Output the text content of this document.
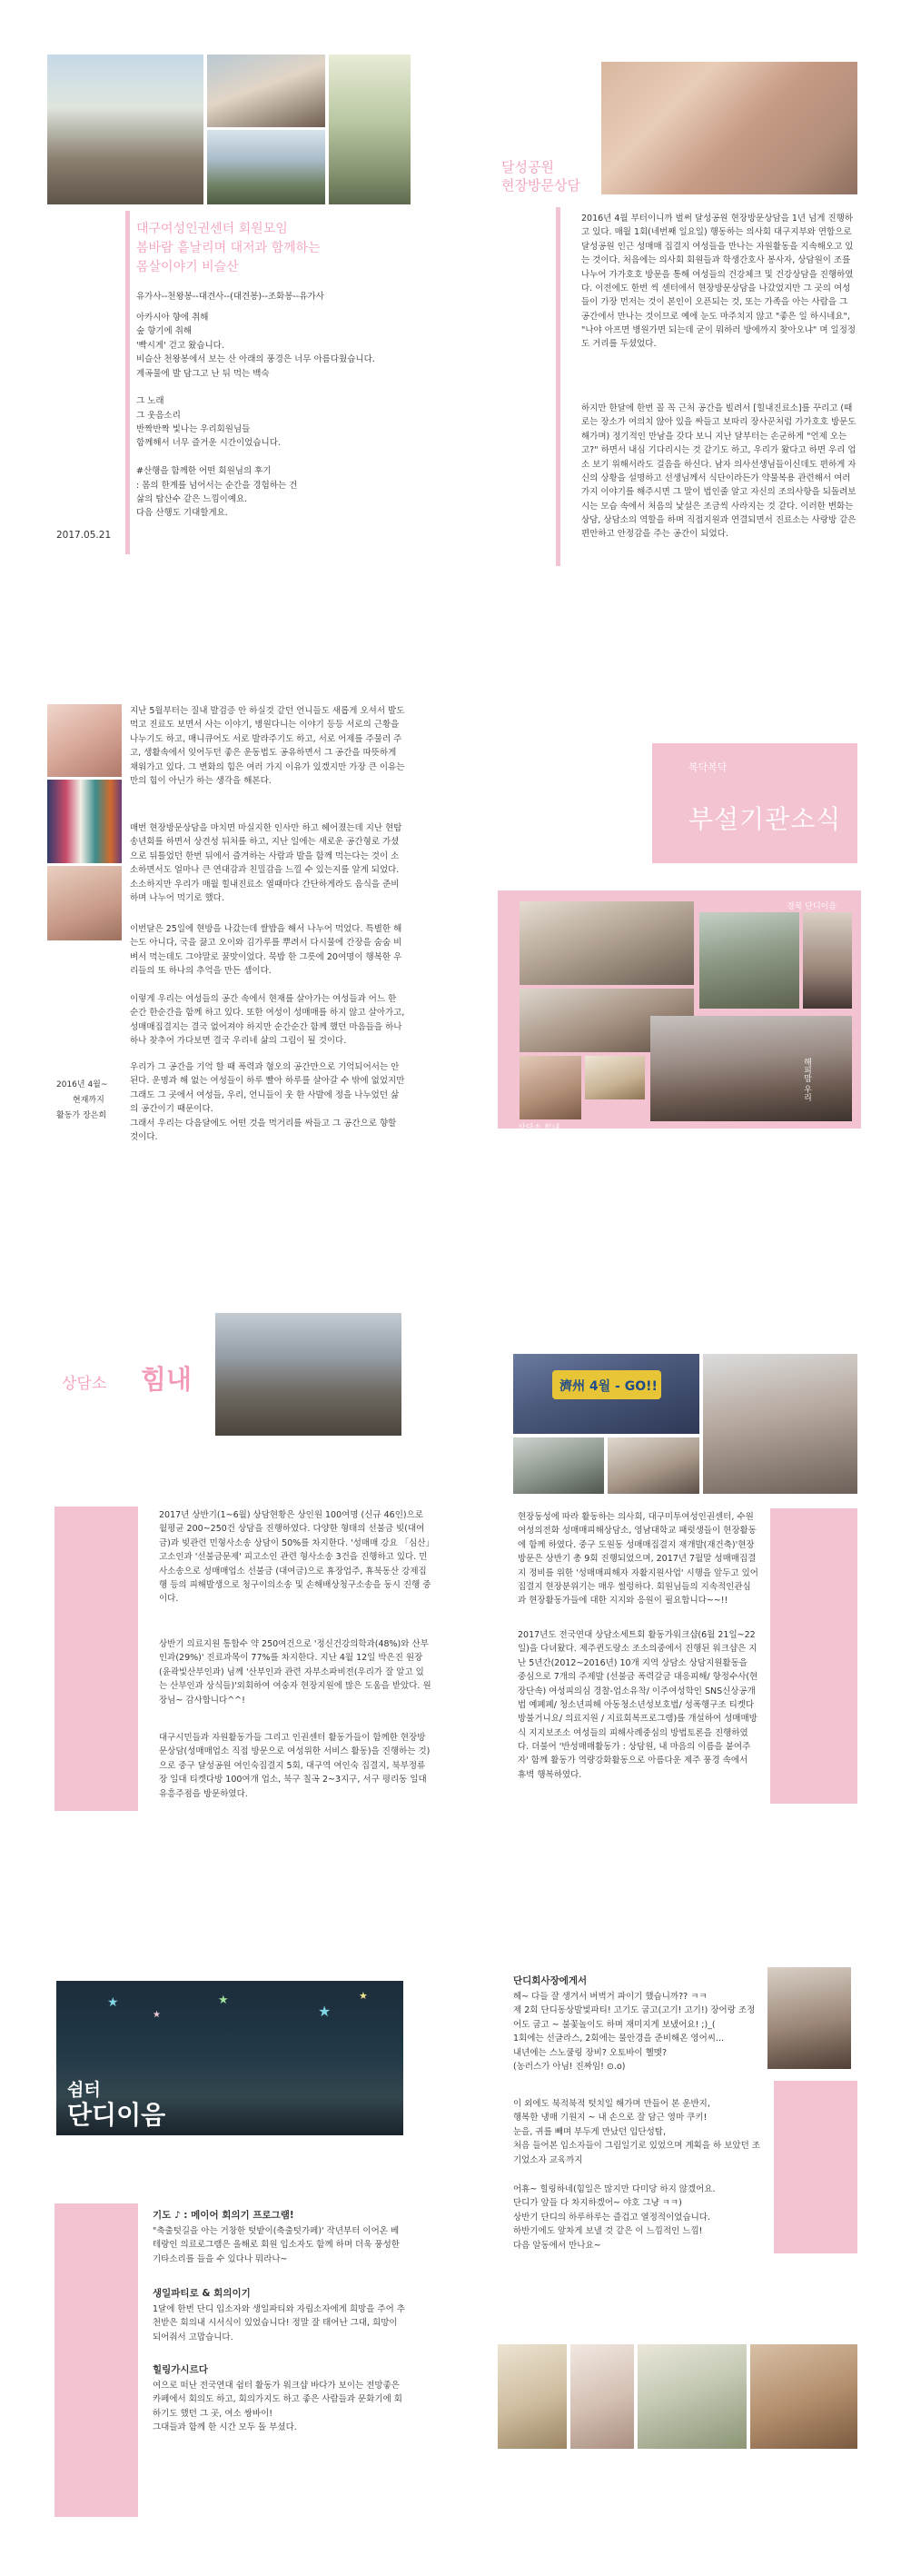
대구여성인권센터 회원모임
봄바람 흩날리며 대저과 함께하는
몸살이야기 비슬산
유가사--천왕봉--대견사--(대견봉)--조화봉--유가사
아카시아 향에 취해
숲 향기에 취해
'빡시게' 걷고 왔습니다.
비슬산 천왕봉에서 보는 산 아래의 풍경은 너무 아름다웠습니다.
계곡물에 발 담그고 난 뒤 먹는 백숙

그 노래
그 웃음소리
반짝반짝 빛나는 우리회원님들
함께해서 너무 즐거운 시간이었습니다.

#산행을 함께한 어떤 회원님의 후기
: 몸의 한계를 넘어서는 순간을 경험하는 건
삶의 탑산수 같은 느낌이예요.
다음 산행도 기대할게요.
2017.05.21
달성공원
현장방문상담
2016년 4월 부터이니까 벌써 달성공원 현장방문상담을 1년 넘게 진행하고 있다. 매월 1회(네번째 일요일) 행동하는 의사회 대구지부와 연합으로 달성공원 인근 성매매 집결지 여성들을 만나는 자원활동을 지속해오고 있는 것이다. 처음에는 의사회 회원들과 학생간호사 봉사자, 상담원이 조를 나누어 가가호호 방문을 통해 여성들의 건강체크 및 건강상담을 진행하였다. 이전에도 한번 씩 센터에서 현장방문상담을 나갔었지만 그 곳의 여성들이 가장 먼저는 것이 본인이 오픈되는 것, 또는 가족을 아는 사람을 그 공간에서 만나는 것이므로 예에 눈도 마주치지 않고 "좋은 일 하시네요", "나야 아프면 병원가면 되는데 굳이 뭐하러 방에까지 찾아오냐" 며 일정정도 거리를 두셨었다.
하지만 한달에 한번 꼴 꼭 근처 공간을 빌려서 [힐내진료소]를 꾸리고 (때로는 장소가 여의치 않아 있을 싸들고 보따리 장사꾼처럼 가가호호 방문도 해가며) 정기적인 만남을 갖다 보니 지난 달부터는 손군하게 "언제 오는고?" 하면서 내심 기다리시는 것 같기도 하고, 우리가 왔다고 하면 우리 업소 보기 위해서라도 걸음을 하신다. 남자 의사선생님들이신데도 편하게 자신의 상황을 설명하고 선생님께서 식단이라든가 약물복용 관련해서 여러가지 이야기를 해주시면 그 말이 법인줄 알고 자신의 조의사항을 되돌려보시는 모습 속에서 처음의 낯설은 조금씩 사라지는 것 같다. 이러한 변화는 상담, 상담소의 역할을 하며 직접지원과 연결되면서 진료소는 사랑방 같은 편안하고 안정감을 주는 공간이 되었다.
지난 5월부터는 질내 발검증 안 하실것 같던 언니들도 새롭게 오셔서 발도 먹고 진료도 보면서 사는 이야기, 병원다니는 이야기 등등 서로의 근황을 나누기도 하고, 매니큐어도 서로 발라주기도 하고, 서로 어제를 주물러 주고, 생활속에서 잊어두던 좋은 운동법도 공유하면서 그 공간을 따뜻하게 채워가고 있다. 그 변화의 힘은 여러 가지 이유가 있겠지만 가장 큰 이유는 만의 힘이 아닌가 하는 생각을 해본다.
매번 현장방문상담을 마치면 마실지한 인사만 하고 헤어졌는데 지난 현탐 송년회를 하면서 상견성 뒤처를 하고, 지난 일에는 새로운 공간형로 가셨으로 뒤틀었던 한번 뒤에서 즐겨하는 사람과 발을 함께 먹는다는 것이 소소하면서도 얼마나 큰 연대감과 친밀감을 느낄 수 있는지를 알게 되었다. 소소하지만 우리가 매월 힐내진료소 열때마다 간단하게라도 음식을 준비하며 나누어 먹기로 했다.
이번달은 25일에 현방을 나갔는데 쌀밥을 해서 나누어 먹었다. 특별한 해는도 아니다, 국을 끓고 오이와 김가루를 뿌려서 다시물에 간장을 숨숨 비벼서 먹는데도 그야말로 꿀맛이었다. 묵밥 한 그릇에 20여명이 행복한 우리들의 또 하나의 추억을 만든 셈이다.
이렇게 우리는 여성들의 공간 속에서 현재를 살아가는 여성들과 어느 한 순간 한순간을 함께 하고 있다. 또한 여성이 성매매를 하지 않고 살아가고, 성매매집결지는 결국 없어져야 하지만 순간순간 함께 했던 마음들을 하나하나 찾추어 가다보면 결국 우리네 삶의 그림이 될 것이다.
우리가 그 공간을 기억 할 때 폭력과 혐오의 공간만으로 기억되어서는 안 된다. 운명과 해 없는 여성들이 하루 빨아 하루를 살아갈 수 밖에 없었지만 그래도 그 곳에서 여성들, 우리, 언니들이 웃 한 사발에 정을 나누었던 삶의 공간이기 때문이다.
그래서 우리는 다음달에도 어떤 것을 먹거리를 싸들고 그 공간으로 향할 것이다.
2016년 4월~
현재까지
활동가 장은희
복닥복닥
부설기관소식
경북 단디이음
상담소 힘내
해피맘 우리
상담소 힘내
2017년 상반기(1~6월) 상담현황은 상인원 100여명 (신규 46인)으로 월평균 200~250건 상담을 진행하였다. 다양한 형태의 선불금 빚(대여금)과 빚관련 민형사소송 상담이 50%를 차지한다. '성매매 강요 「심산」고소인과 '선불금문제' 피고소인 관련 형사소송 3건을 진행하고 있다. 민사소송으로 성매매업소 선불금 (대여금)으로 휴장업주, 휴북동산 강제집행 등의 피해발생으로 청구이의소송 및 손해배상청구소송을 동시 진행 중이다.
상반기 의료지원 통합수 약 250여건으로 '정신건강의학과(48%)와 산부인과(29%)' 진료과목이 77%를 차지한다. 지난 4월 12일 박은진 원장(윤곽빛산부인과) 님께 '산부인과 관련 자부소파비전(우리가 잘 알고 있는 산부인과 상식들)'외회하여 여숭자 현장지원에 많은 도움을 받았다. 원장님~ 감사합니다^^!
대구시민들과 자원활동가들 그리고 인권센터 활동가들이 함께한 현장방문상담(성매매업소 직접 방문으로 여성위한 서비스 활동)을 진행하는 것)으로 중구 달성공원 여인숙집결지 5회, 대구역 여인숙 집결지, 북부정류장 일대 티켓다방 100여개 업소, 북구 칠곡 2~3지구, 서구 평리동 일대 유흥주점을 방문하였다.
濟州 4월 - GO!!
현장동성에 따라 활동하는 의사회, 대구미투여성인권센터, 수원여성의전화 성매매피해상담소, 영남대학교 패럿생들이 현장활동에 함께 하였다. 중구 도원동 성매매집결지 재개발(재건축)'현장방문은 상반기 총 9회 진행되었으며, 2017년 7월말 성매매집결지 정비를 위한 '성매매피해자 자활지원사업' 시행을 앞두고 있어 집결지 현장분위기는 매우 썰렁하다. 회원님들의 지속적인관심과 현장활동가들에 대한 지지와 응원이 필요합니다~~!!
2017년도 전국연대 상담소세트회 활동가워크샵(6월 21일~22일)을 다녀왔다. 제주퀸도랑소 조소의중에서 진행된 워크샵은 지난 5년간(2012~2016년) 10개 지역 상담소 상담지원활동을 중심으로 7개의 주제발 (선불금 폭력갈금 대응피해/ 항정수사(현장단속) 여성피의심 경찰-업소유착/ 이주여성학인 SNS신상공개법 예폐폐/ 청소년피해 아동청소년성보호법/ 성폭행구조 티켓다방불거니요/ 의료지원 / 지료회복프로그램)를 개설하여 성매매방식 지지보조소 여성들의 피해사례중심의 방법토론을 진행하였다. 더불어 '반성매매활동가 : 상담원, 내 마음의 이름을 붙여주자' 함께 활동가 역량강화활동으로 아름다운 제주 풍경 속에서 휴벽 행복하였다.
★
★
★
★
★
쉼터
단디이음
기도 ♪ : 메이어 회의기 프로그램!
"축출텃길을 아는 거창한 텃밭이(축출텃가페)' 작년부터 이어온 베테랑인 의료로그램은 올해로 회원 입소자도 함께 하며 더욱 풍성한 기타소리를 들을 수 있다나 뭐라나~
생일파티로 & 회의이기
1달에 한번 단디 입소자와 생일파티와 자립소자에게 희망을 주어 추천받은 회의내 시서식이 있었습니다! 정말 잘 태어난 그대, 희망이 되어줘서 고맙습니다.
힐링가시르다
여으로 떠난 전국연대 쉼터 활동가 워크샵 바다가 보이는 전망좋은 카페에서 회의도 하고, 회의가지도 하고 좋은 사람들과 문화기에 회하기도 했던 그 곳, 여소 쌍바이!
그대들과 함께 한 시간 모두 돌 부셨다.
단디회사장에게서
헤~ 다들 잘 생겨서 버벅거 파이기 했습니까?? ㅋㅋ
제 2회 단디동상발빛파티! 고기도 굽고(고기! 고기!) 장어랑 조정어도 굽고 ~ 불꽃놀이도 하며 재미지게 보냈어요! ;)_(
1회에는 선글라스, 2회에는 물안경을 준비해온 영어씨...
내년에는 스노쿨링 장비? 오토바이 헬멧?
(농러스가 아님! 진짜임! ⊙.o)
이 외에도 북적북적 텃치일 해가며 만들어 본 운반지,
행복한 냉매 기원지 ~ 내 손으로 잘 담근 영마 쿠키!
눈을, 귀를 빼며 부두게 만났던 입단성탑,
처음 들어본 입소자들이 그림일기로 있었으며 계획을 하 보았던 조기었소자 교육까지
어휴~ 힐링하네(힘일은 많지만 다미당 하지 않겠어요.
단디가 앞들 다 차지하겠어~ 야호 그냥 ㅋㅋ)
상반기 단디의 하루하루는 즐겁고 열정적이었습니다.
하반기에도 앞차게 보낼 것 같은 이 느낌적인 느낌!
다음 알동에서 만나요~
